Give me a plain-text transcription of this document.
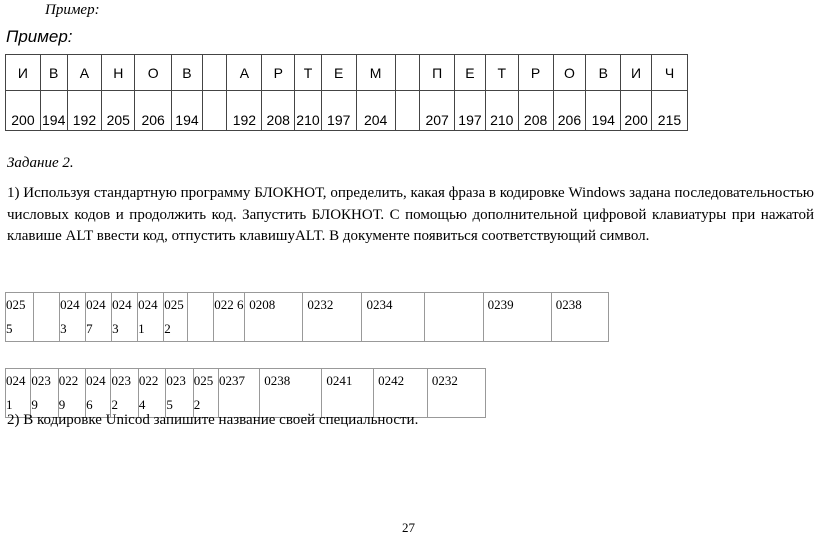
Пример:
Пример:
И	В	А	Н	О	В		А	Р	Т	Е	М		П	Е	Т	Р	О	В	И	Ч
200	194	192	205	206	194		192	208	210	197	204		207	197	210	208	206	194	200	215
Задание 2.
1) Используя стандартную программу БЛОКНОТ, определить, какая фраза в кодировке Windows задана последовательностью числовых кодов и продолжить код. Запустить БЛОКНОТ. С помощью дополнительной цифровой клавиатуры при нажатой клавише ALT ввести код, отпустить клавишуALT. В документе появиться соответствующий символ.
025 5		024 3	024 7	024 3	024 1	025 2		022 6	0208	0232	0234		0239	0238
024 1	023 9	022 9	024 6	023 2	022 4	023 5	025 2	0237	0238	0241	0242	0232
2) В кодировке Unicod запишите название своей специальности.
27
